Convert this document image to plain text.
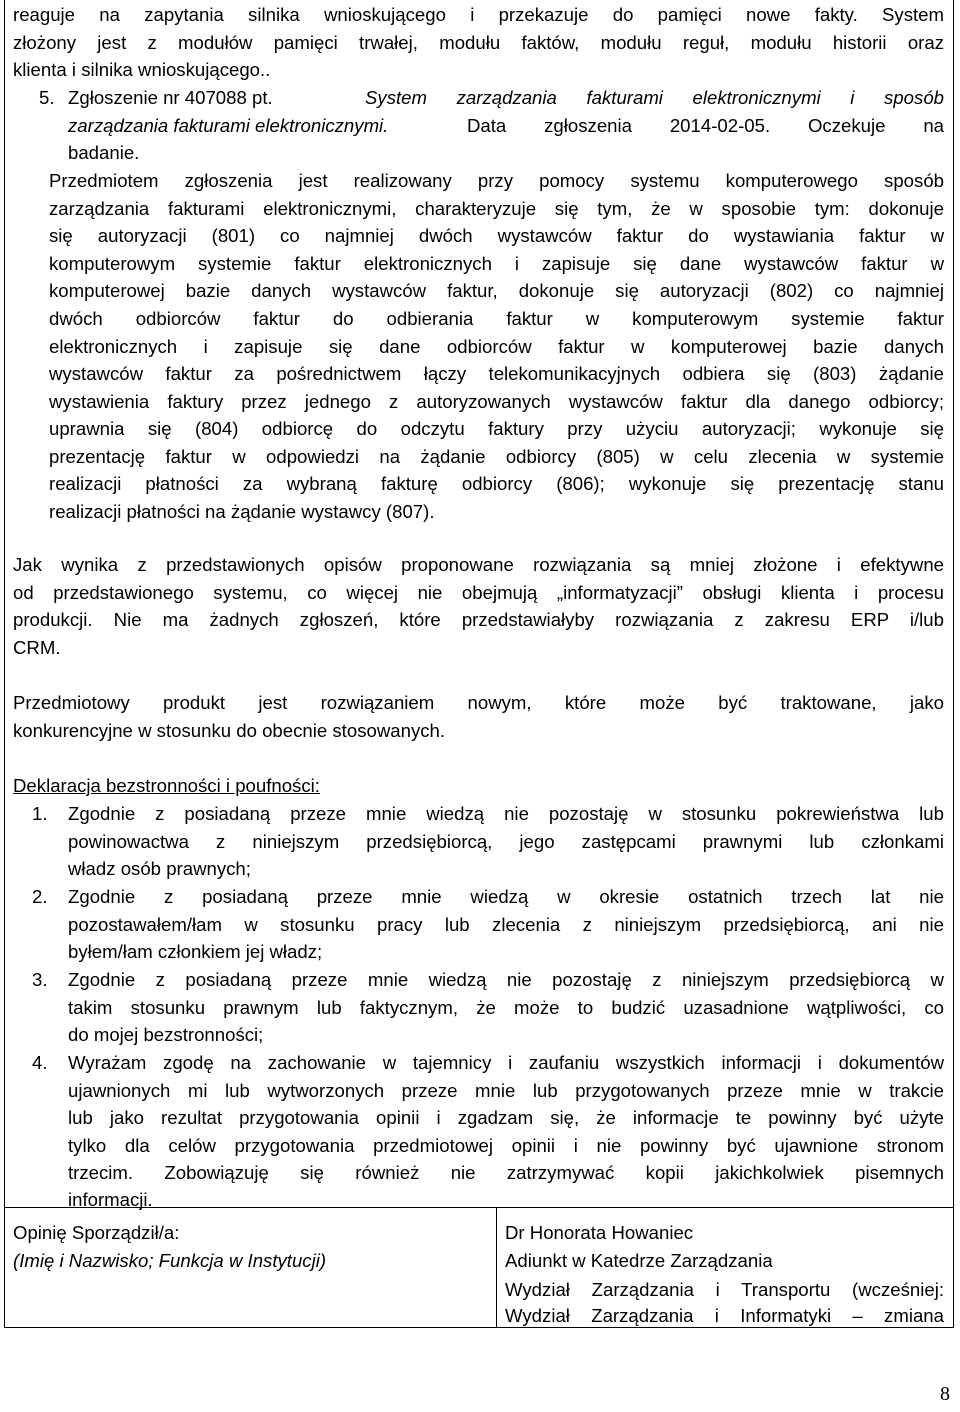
reaguje na zapytania silnika wnioskującego i przekazuje do pamięci nowe fakty. System
złożony jest z modułów pamięci trwałej, modułu faktów, modułu reguł, modułu historii oraz
klienta i silnika wnioskującego..
5. Zgłoszenie nr 407088 pt.	System zarządzania fakturami elektronicznymi i sposób
zarządzania fakturami elektronicznymi.	Data zgłoszenia 2014-02-05. Oczekuje na
badanie.
Przedmiotem zgłoszenia jest realizowany przy pomocy systemu komputerowego sposób
zarządzania fakturami elektronicznymi, charakteryzuje się tym, że w sposobie tym: dokonuje
się autoryzacji (801) co najmniej dwóch wystawców faktur do wystawiania faktur w
komputerowym systemie faktur elektronicznych i zapisuje się dane wystawców faktur w
komputerowej bazie danych wystawców faktur, dokonuje się autoryzacji (802) co najmniej
dwóch odbiorców faktur do odbierania faktur w komputerowym systemie faktur
elektronicznych i zapisuje się dane odbiorców faktur w komputerowej bazie danych
wystawców faktur za pośrednictwem łączy telekomunikacyjnych odbiera się (803) żądanie
wystawienia faktury przez jednego z autoryzowanych wystawców faktur dla danego odbiorcy;
uprawnia się (804) odbiorcę do odczytu faktury przy użyciu autoryzacji; wykonuje się
prezentację faktur w odpowiedzi na żądanie odbiorcy (805) w celu zlecenia w systemie
realizacji płatności za wybraną fakturę odbiorcy (806); wykonuje się prezentację stanu
realizacji płatności na żądanie wystawcy (807).
Jak wynika z przedstawionych opisów proponowane rozwiązania są mniej złożone i efektywne
od przedstawionego systemu, co więcej nie obejmują „informatyzacji” obsługi klienta i procesu
produkcji. Nie ma żadnych zgłoszeń, które przedstawiałyby rozwiązania z zakresu ERP i/lub
CRM.
Przedmiotowy produkt jest rozwiązaniem nowym, które może być traktowane, jako
konkurencyjne w stosunku do obecnie stosowanych.
Deklaracja bezstronności i poufności:
1. Zgodnie z posiadaną przeze mnie wiedzą nie pozostaję w stosunku pokrewieństwa lub
powinowactwa z niniejszym przedsiębiorcą, jego zastępcami prawnymi lub członkami
władz osób prawnych;
2. Zgodnie z posiadaną przeze mnie wiedzą w okresie ostatnich trzech lat nie
pozostawałem/łam w stosunku pracy lub zlecenia z niniejszym przedsiębiorcą, ani nie
byłem/łam członkiem jej władz;
3. Zgodnie z posiadaną przeze mnie wiedzą nie pozostaję z niniejszym przedsiębiorcą w
takim stosunku prawnym lub faktycznym, że może to budzić uzasadnione wątpliwości, co
do mojej bezstronności;
4. Wyrażam zgodę na zachowanie w tajemnicy i zaufaniu wszystkich informacji i dokumentów
ujawnionych mi lub wytworzonych przeze mnie lub przygotowanych przeze mnie w trakcie
lub jako rezultat przygotowania opinii i zgadzam się, że informacje te powinny być użyte
tylko dla celów przygotowania przedmiotowej opinii i nie powinny być ujawnione stronom
trzecim. Zobowiązuję się również nie zatrzymywać kopii jakichkolwiek pisemnych
informacji.
Opinię Sporządził/a:
(Imię i Nazwisko; Funkcja w Instytucji)
Dr Honorata Howaniec
Adiunkt w Katedrze Zarządzania
Wydział Zarządzania i Transportu (wcześniej:
Wydział Zarządzania i Informatyki – zmiana
8
